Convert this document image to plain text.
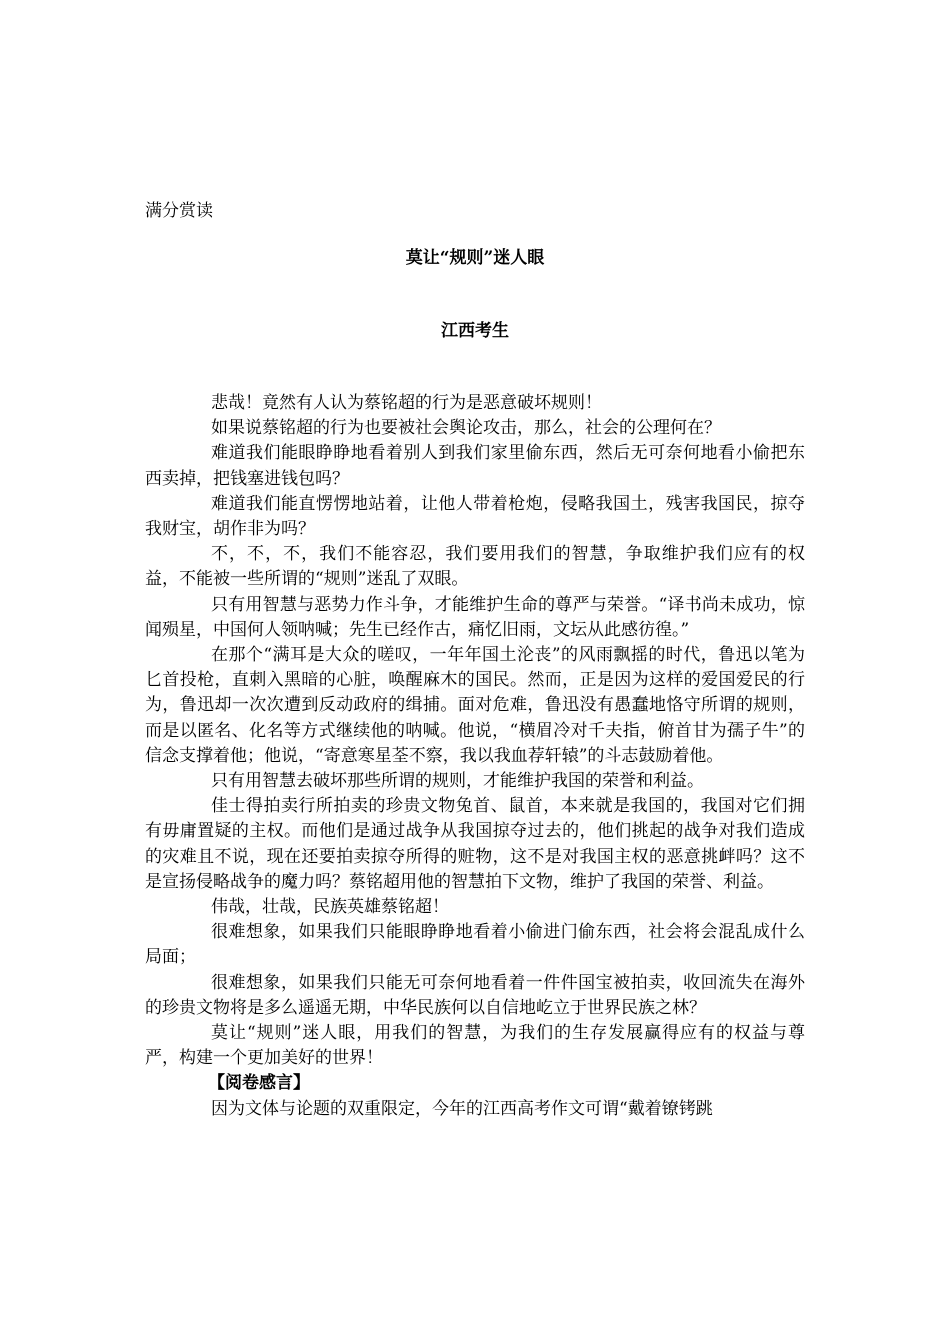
满分赏读

莫让“规则”迷人眼
江西考生

悲哉！竟然有人认为蔡铭超的行为是恶意破坏规则！

如果说蔡铭超的行为也要被社会舆论攻击，那么，社会的公理何在？

难道我们能眼睁睁地看着别人到我们家里偷东西，然后无可奈何地看小偷把东西卖掉，把钱塞进钱包吗？

难道我们能直愣愣地站着，让他人带着枪炮，侵略我国土，残害我国民，掠夺我财宝，胡作非为吗？

不，不，不，我们不能容忍，我们要用我们的智慧，争取维护我们应有的权益，不能被一些所谓的“规则”迷乱了双眼。

只有用智慧与恶势力作斗争，才能维护生命的尊严与荣誉。“译书尚未成功，惊闻殒星，中国何人领呐喊；先生已经作古，痛忆旧雨，文坛从此感彷徨。”

在那个“满耳是大众的嗟叹，一年年国土沦丧”的风雨飘摇的时代，鲁迅以笔为匕首投枪，直刺入黑暗的心脏，唤醒麻木的国民。然而，正是因为这样的爱国爱民的行为，鲁迅却一次次遭到反动政府的缉捕。面对危难，鲁迅没有愚蠢地恪守所谓的规则，而是以匿名、化名等方式继续他的呐喊。他说，“横眉冷对千夫指，俯首甘为孺子牛”的信念支撑着他；他说，“寄意寒星荃不察，我以我血荐轩辕”的斗志鼓励着他。

只有用智慧去破坏那些所谓的规则，才能维护我国的荣誉和利益。

佳士得拍卖行所拍卖的珍贵文物兔首、鼠首，本来就是我国的，我国对它们拥有毋庸置疑的主权。而他们是通过战争从我国掠夺过去的，他们挑起的战争对我们造成的灾难且不说，现在还要拍卖掠夺所得的赃物，这不是对我国主权的恶意挑衅吗？这不是宣扬侵略战争的魔力吗？蔡铭超用他的智慧拍下文物，维护了我国的荣誉、利益。

伟哉，壮哉，民族英雄蔡铭超！

很难想象，如果我们只能眼睁睁地看着小偷进门偷东西，社会将会混乱成什么局面；

很难想象，如果我们只能无可奈何地看着一件件国宝被拍卖，收回流失在海外的珍贵文物将是多么遥遥无期，中华民族何以自信地屹立于世界民族之林？

莫让“规则”迷人眼，用我们的智慧，为我们的生存发展赢得应有的权益与尊严，构建一个更加美好的世界！

【阅卷感言】

因为文体与论题的双重限定，今年的江西高考作文可谓“戴着镣铐跳
